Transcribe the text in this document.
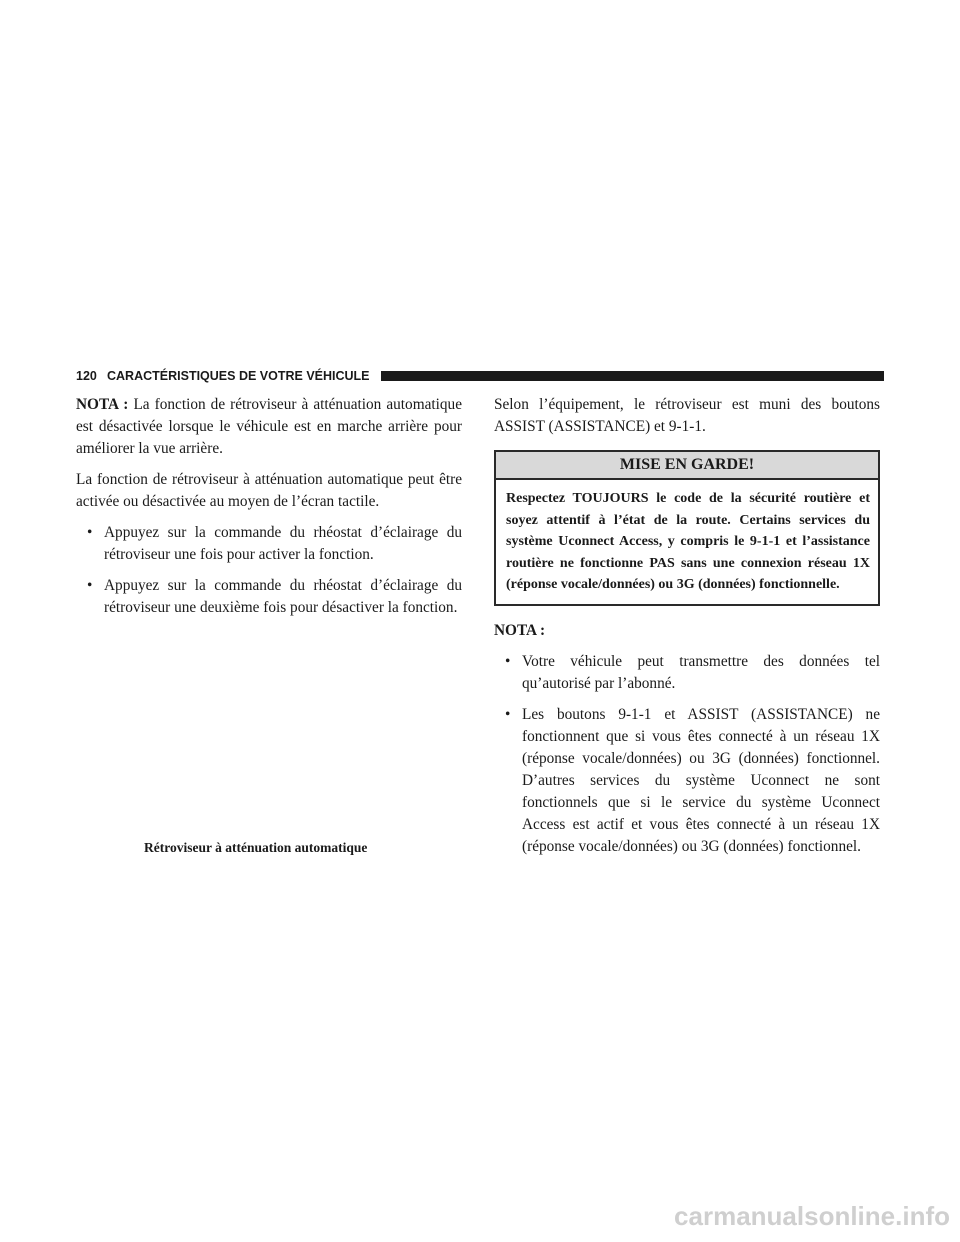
120 CARACTÉRISTIQUES DE VOTRE VÉHICULE

NOTA : La fonction de rétroviseur à atténuation automatique est désactivée lorsque le véhicule est en marche arrière pour améliorer la vue arrière.

La fonction de rétroviseur à atténuation automatique peut être activée ou désactivée au moyen de l’écran tactile.

• Appuyez sur la commande du rhéostat d’éclairage du rétroviseur une fois pour activer la fonction.
• Appuyez sur la commande du rhéostat d’éclairage du rétroviseur une deuxième fois pour désactiver la fonction.
Rétroviseur à atténuation automatique

Selon l’équipement, le rétroviseur est muni des boutons ASSIST (ASSISTANCE) et 9-1-1.

MISE EN GARDE!
Respectez TOUJOURS le code de la sécurité routière et soyez attentif à l’état de la route. Certains services du système Uconnect Access, y compris le 9-1-1 et l’assistance routière ne fonctionne PAS sans une connexion réseau 1X (réponse vocale/données) ou 3G (données) fonctionnelle.

NOTA :

• Votre véhicule peut transmettre des données tel qu’autorisé par l’abonné.
• Les boutons 9-1-1 et ASSIST (ASSISTANCE) ne fonctionnent que si vous êtes connecté à un réseau 1X (réponse vocale/données) ou 3G (données) fonctionnel. D’autres services du système Uconnect ne sont fonctionnels que si le service du système Uconnect Access est actif et vous êtes connecté à un réseau 1X (réponse vocale/données) ou 3G (données) fonctionnel.
carmanualsonline.info
